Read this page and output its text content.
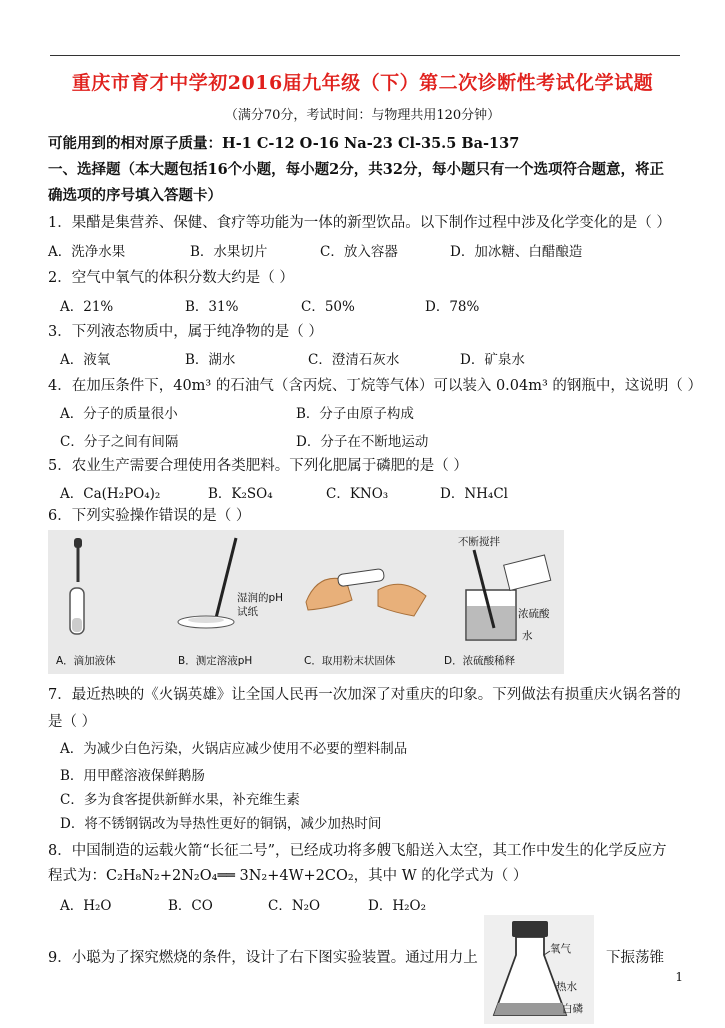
重庆市育才中学初2016届九年级（下）第二次诊断性考试化学试题
（满分70分，考试时间：与物理共用120分钟）
可能用到的相对原子质量：H-1 C-12 O-16 Na-23 Cl-35.5 Ba-137
一、选择题（本大题包括16个小题，每小题2分，共32分，每小题只有一个选项符合题意，将正
确选项的序号填入答题卡）
1．果醋是集营养、保健、食疗等功能为一体的新型饮品。以下制作过程中涉及化学变化的是（ ）
A．洗净水果	B．水果切片	C．放入容器	D．加冰糖、白醋酿造
2．空气中氧气的体积分数大约是（ ）
A．21%	B．31%	C．50%	D．78%
3．下列液态物质中，属于纯净物的是（ ）
A．液氧	B．湖水	C．澄清石灰水	D．矿泉水
4．在加压条件下，40m³ 的石油气（含丙烷、丁烷等气体）可以装入 0.04m³ 的钢瓶中，这说明（ ）
A．分子的质量很小	B．分子由原子构成
C．分子之间有间隔	D．分子在不断地运动
5．农业生产需要合理使用各类肥料。下列化肥属于磷肥的是（ ）
A．Ca(H₂PO₄)₂	B．K₂SO₄	C．KNO₃	D．NH₄Cl
6．下列实验操作错误的是（ ）
湿润的pH
试纸
不断搅拌
浓硫酸
水
A．滴加液体	B．测定溶液pH	C．取用粉末状固体	D．浓硫酸稀释
7．最近热映的《火锅英雄》让全国人民再一次加深了对重庆的印象。下列做法有损重庆火锅名誉的
是（ ）
A．为减少白色污染，火锅店应减少使用不必要的塑料制品
B．用甲醛溶液保鲜鹅肠
C．多为食客提供新鲜水果，补充维生素
D．将不锈钢锅改为导热性更好的铜锅，减少加热时间
8．中国制造的运载火箭“长征二号”，已经成功将多艘飞船送入太空，其工作中发生的化学反应方
程式为：C₂H₈N₂+2N₂O₄══ 3N₂+4W+2CO₂，其中 W 的化学式为（ ）
A．H₂O	B．CO	C．N₂O	D．H₂O₂
9．小聪为了探究燃烧的条件，设计了右下图实验装置。通过用力上	下振荡锥
氧气
热水
白磷
1
